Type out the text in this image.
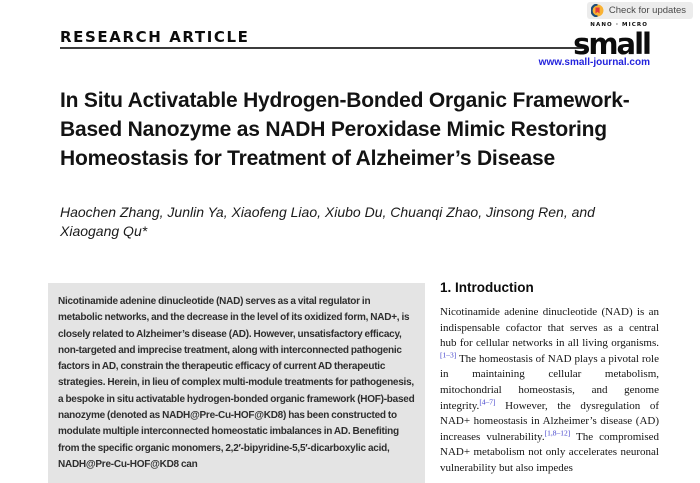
Check for updates
RESEARCH ARTICLE
NANO · MICRO
small
www.small-journal.com
In Situ Activatable Hydrogen-Bonded Organic Framework-Based Nanozyme as NADH Peroxidase Mimic Restoring Homeostasis for Treatment of Alzheimer’s Disease
Haochen Zhang, Junlin Ya, Xiaofeng Liao, Xiubo Du, Chuanqi Zhao, Jinsong Ren, and Xiaogang Qu*
Nicotinamide adenine dinucleotide (NAD) serves as a vital regulator in metabolic networks, and the decrease in the level of its oxidized form, NAD+, is closely related to Alzheimer’s disease (AD). However, unsatisfactory efficacy, non-targeted and imprecise treatment, along with interconnected pathogenic factors in AD, constrain the therapeutic efficacy of current AD therapeutic strategies. Herein, in lieu of complex multi-module treatments for pathogenesis, a bespoke in situ activatable hydrogen-bonded organic framework (HOF)-based nanozyme (denoted as NADH@Pre-Cu-HOF@KD8) has been constructed to modulate multiple interconnected homeostatic imbalances in AD. Benefiting from the specific organic monomers, 2,2′-bipyridine-5,5′-dicarboxylic acid, NADH@Pre-Cu-HOF@KD8 can
1. Introduction
Nicotinamide adenine dinucleotide (NAD) is an indispensable cofactor that serves as a central hub for cellular networks in all living organisms.[1–3] The homeostasis of NAD plays a pivotal role in maintaining cellular metabolism, mitochondrial homeostasis, and genome integrity.[4–7] However, the dysregulation of NAD+ homeostasis in Alzheimer’s disease (AD) increases vulnerability.[1,8–12] The compromised NAD+ metabolism not only accelerates neuronal vulnerability but also impedes
